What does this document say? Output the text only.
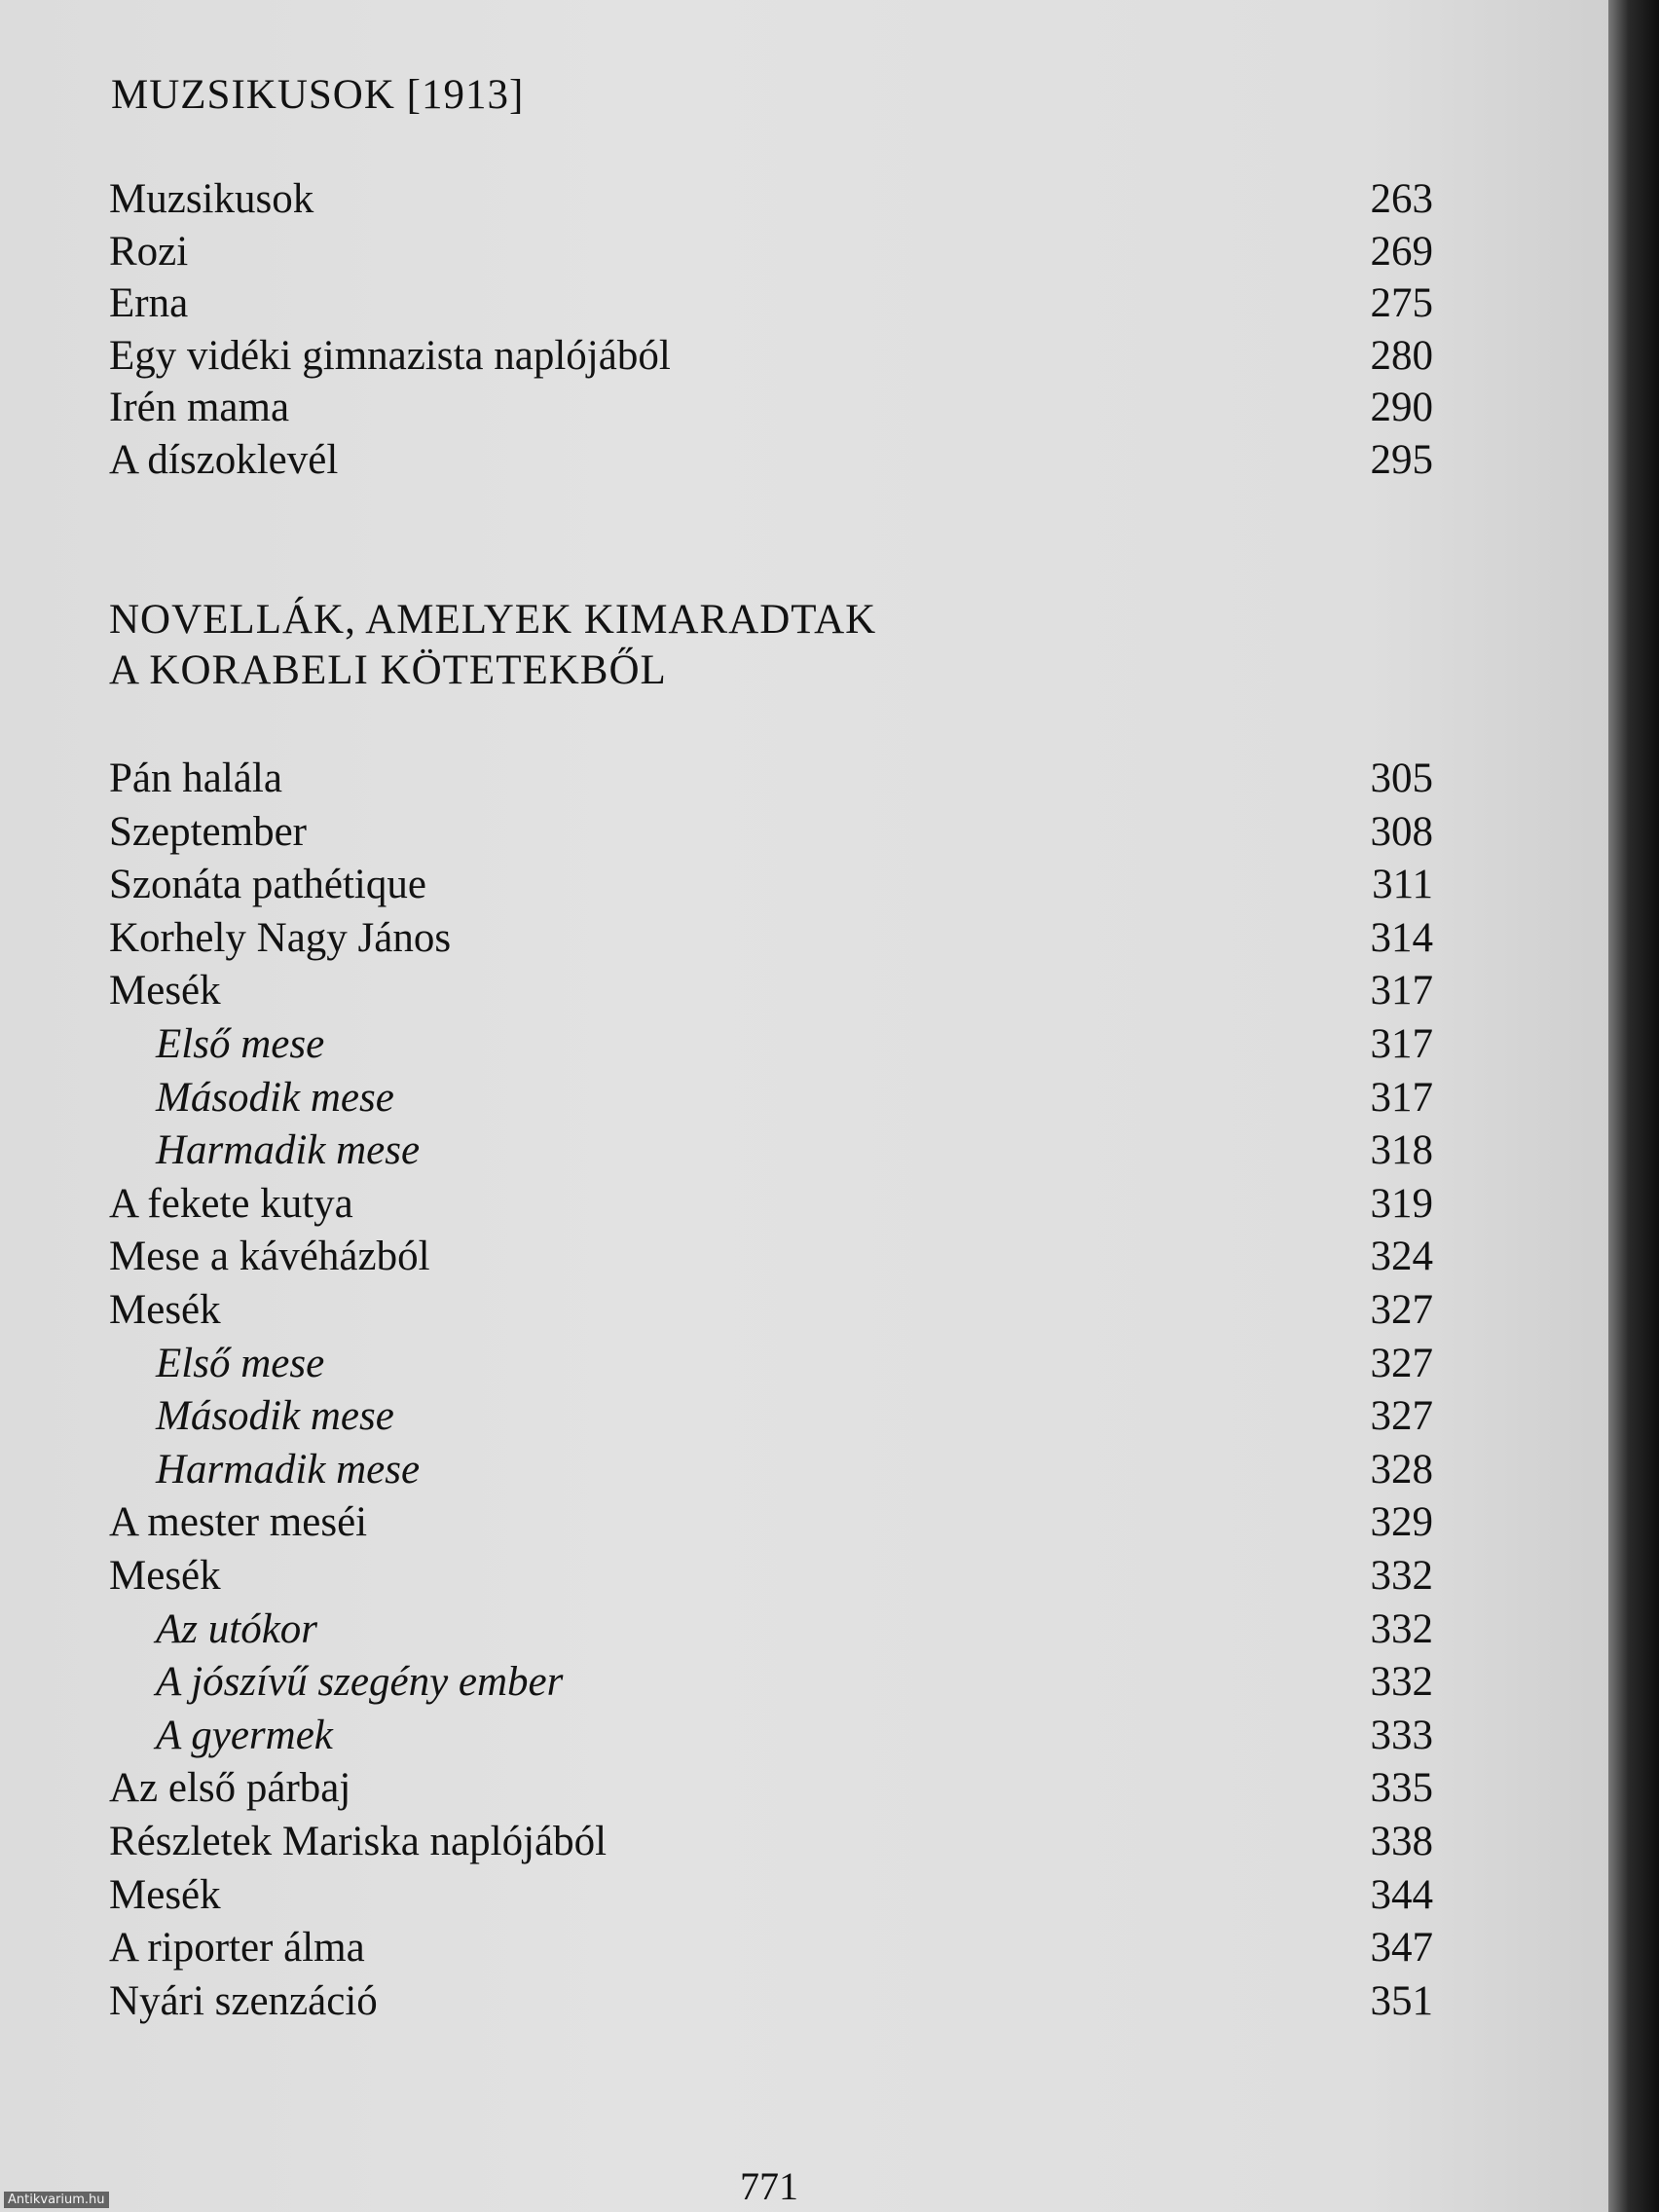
MUZSIKUSOK [1913]
NOVELLÁK, AMELYEK KIMARADTAK
A KORABELI KÖTETEKBŐL
Muzsikusok	263
Rozi	269
Erna	275
Egy vidéki gimnazista naplójából	280
Irén mama	290
A díszoklevél	295
Pán halála	305
Szeptember	308
Szonáta pathétique	311
Korhely Nagy János	314
Mesék	317
Első mese	317
Második mese	317
Harmadik mese	318
A fekete kutya	319
Mese a kávéházból	324
Mesék	327
Első mese	327
Második mese	327
Harmadik mese	328
A mester meséi	329
Mesék	332
Az utókor	332
A jószívű szegény ember	332
A gyermek	333
Az első párbaj	335
Részletek Mariska naplójából	338
Mesék	344
A riporter álma	347
Nyári szenzáció	351
771
Antikvarium.hu
